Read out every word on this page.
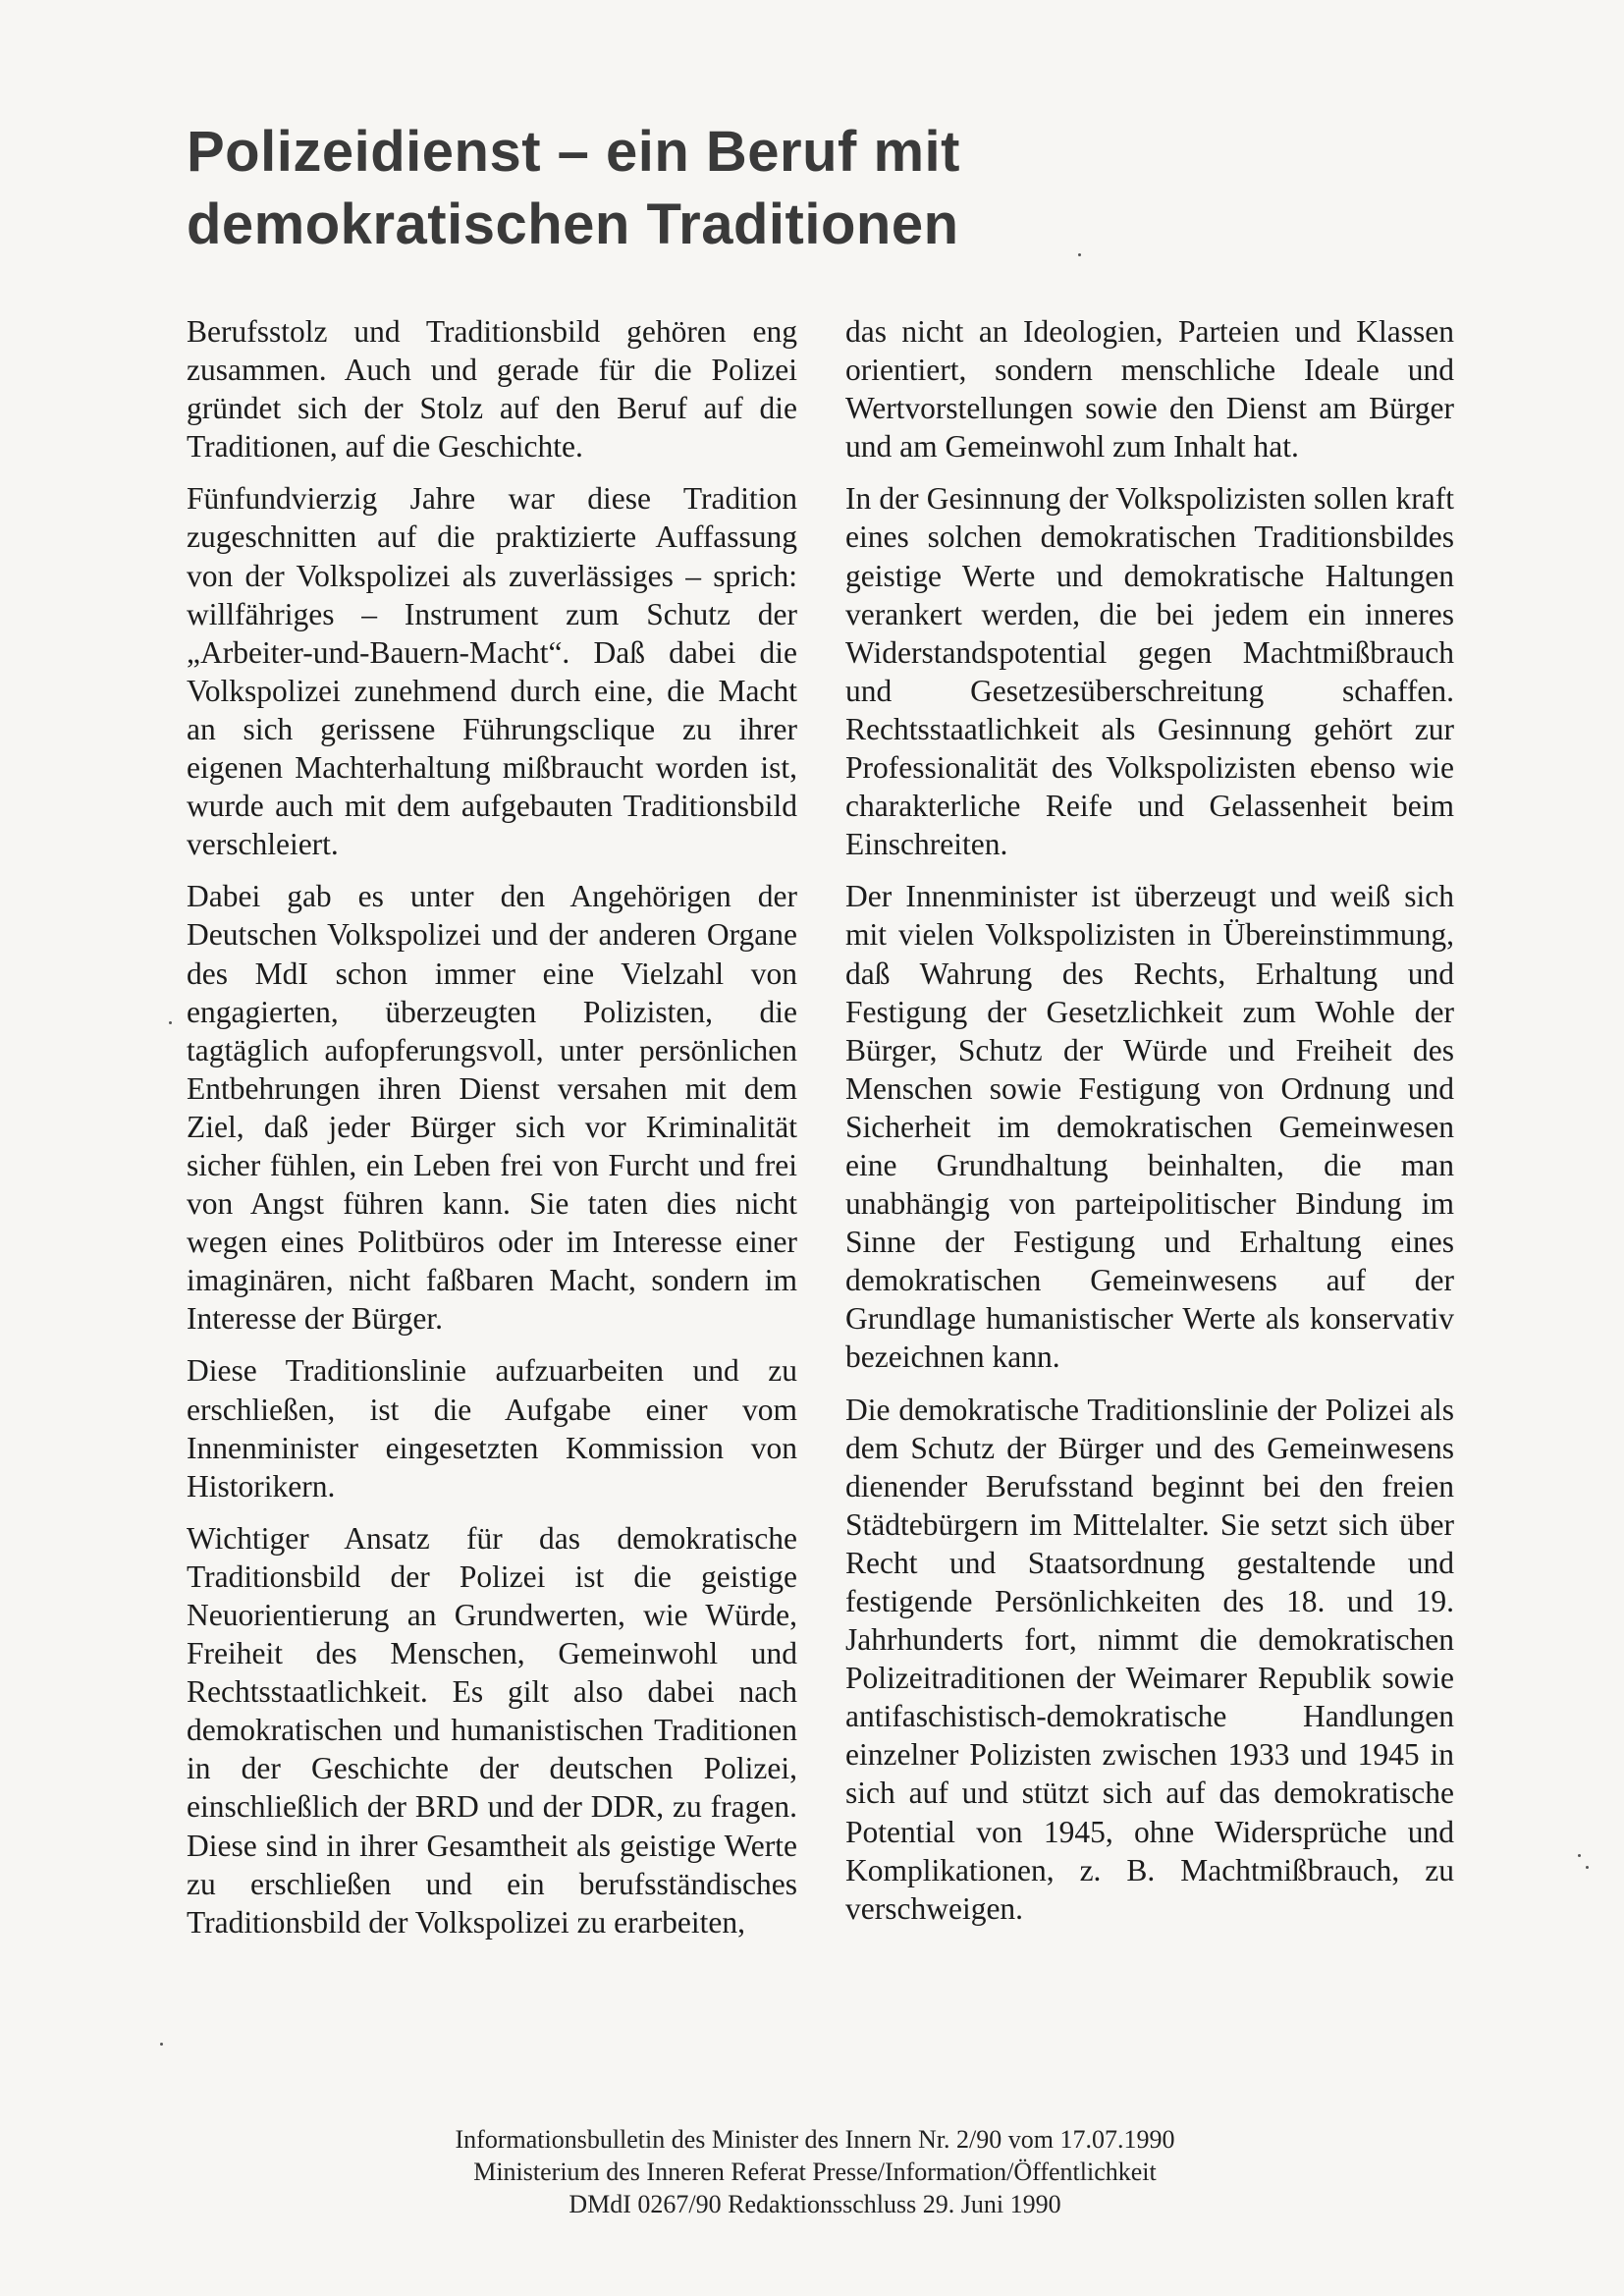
Polizeidienst – ein Beruf mit
demokratischen Traditionen

Berufsstolz und Traditionsbild gehören eng zusammen. Auch und gerade für die Polizei gründet sich der Stolz auf den Beruf auf die Traditionen, auf die Geschichte.

Fünfundvierzig Jahre war diese Tradition zugeschnitten auf die praktizierte Auffassung von der Volkspolizei als zuverlässiges – sprich: willfähriges – Instrument zum Schutz der „Arbeiter-und-Bauern-Macht“. Daß dabei die Volkspolizei zunehmend durch eine, die Macht an sich gerissene Führungsclique zu ihrer eigenen Machterhaltung mißbraucht worden ist, wurde auch mit dem aufgebauten Traditionsbild verschleiert.

Dabei gab es unter den Angehörigen der Deutschen Volkspolizei und der anderen Organe des MdI schon immer eine Vielzahl von engagierten, überzeugten Polizisten, die tagtäglich aufopferungsvoll, unter persönlichen Entbehrungen ihren Dienst versahen mit dem Ziel, daß jeder Bürger sich vor Kriminalität sicher fühlen, ein Leben frei von Furcht und frei von Angst führen kann. Sie taten dies nicht wegen eines Politbüros oder im Interesse einer imaginären, nicht faßbaren Macht, sondern im Interesse der Bürger.

Diese Traditionslinie aufzuarbeiten und zu erschließen, ist die Aufgabe einer vom Innenminister eingesetzten Kommission von Historikern.

Wichtiger Ansatz für das demokratische Traditionsbild der Polizei ist die geistige Neuorientierung an Grundwerten, wie Würde, Freiheit des Menschen, Gemeinwohl und Rechtsstaatlichkeit. Es gilt also dabei nach demokratischen und humanistischen Traditionen in der Geschichte der deutschen Polizei, einschließlich der BRD und der DDR, zu fragen. Diese sind in ihrer Gesamtheit als geistige Werte zu erschließen und ein berufsständisches Traditionsbild der Volkspolizei zu erarbeiten,

das nicht an Ideologien, Parteien und Klassen orientiert, sondern menschliche Ideale und Wertvorstellungen sowie den Dienst am Bürger und am Gemeinwohl zum Inhalt hat.

In der Gesinnung der Volkspolizisten sollen kraft eines solchen demokratischen Traditionsbildes geistige Werte und demokratische Haltungen verankert werden, die bei jedem ein inneres Widerstandspotential gegen Machtmißbrauch und Gesetzesüberschreitung schaffen. Rechtsstaatlichkeit als Gesinnung gehört zur Professionalität des Volkspolizisten ebenso wie charakterliche Reife und Gelassenheit beim Einschreiten.

Der Innenminister ist überzeugt und weiß sich mit vielen Volkspolizisten in Übereinstimmung, daß Wahrung des Rechts, Erhaltung und Festigung der Gesetzlichkeit zum Wohle der Bürger, Schutz der Würde und Freiheit des Menschen sowie Festigung von Ordnung und Sicherheit im demokratischen Gemeinwesen eine Grundhaltung beinhalten, die man unabhängig von parteipolitischer Bindung im Sinne der Festigung und Erhaltung eines demokratischen Gemeinwesens auf der Grundlage humanistischer Werte als konservativ bezeichnen kann.

Die demokratische Traditionslinie der Polizei als dem Schutz der Bürger und des Gemeinwesens dienender Berufsstand beginnt bei den freien Städtebürgern im Mittelalter. Sie setzt sich über Recht und Staatsordnung gestaltende und festigende Persönlichkeiten des 18. und 19. Jahrhunderts fort, nimmt die demokratischen Polizeitraditionen der Weimarer Republik sowie antifaschistisch-demokratische Handlungen einzelner Polizisten zwischen 1933 und 1945 in sich auf und stützt sich auf das demokratische Potential von 1945, ohne Widersprüche und Komplikationen, z. B. Machtmißbrauch, zu verschweigen.

Informationsbulletin des Minister des Innern Nr. 2/90 vom 17.07.1990
Ministerium des Inneren Referat Presse/Information/Öffentlichkeit
DMdI 0267/90 Redaktionsschluss 29. Juni 1990
